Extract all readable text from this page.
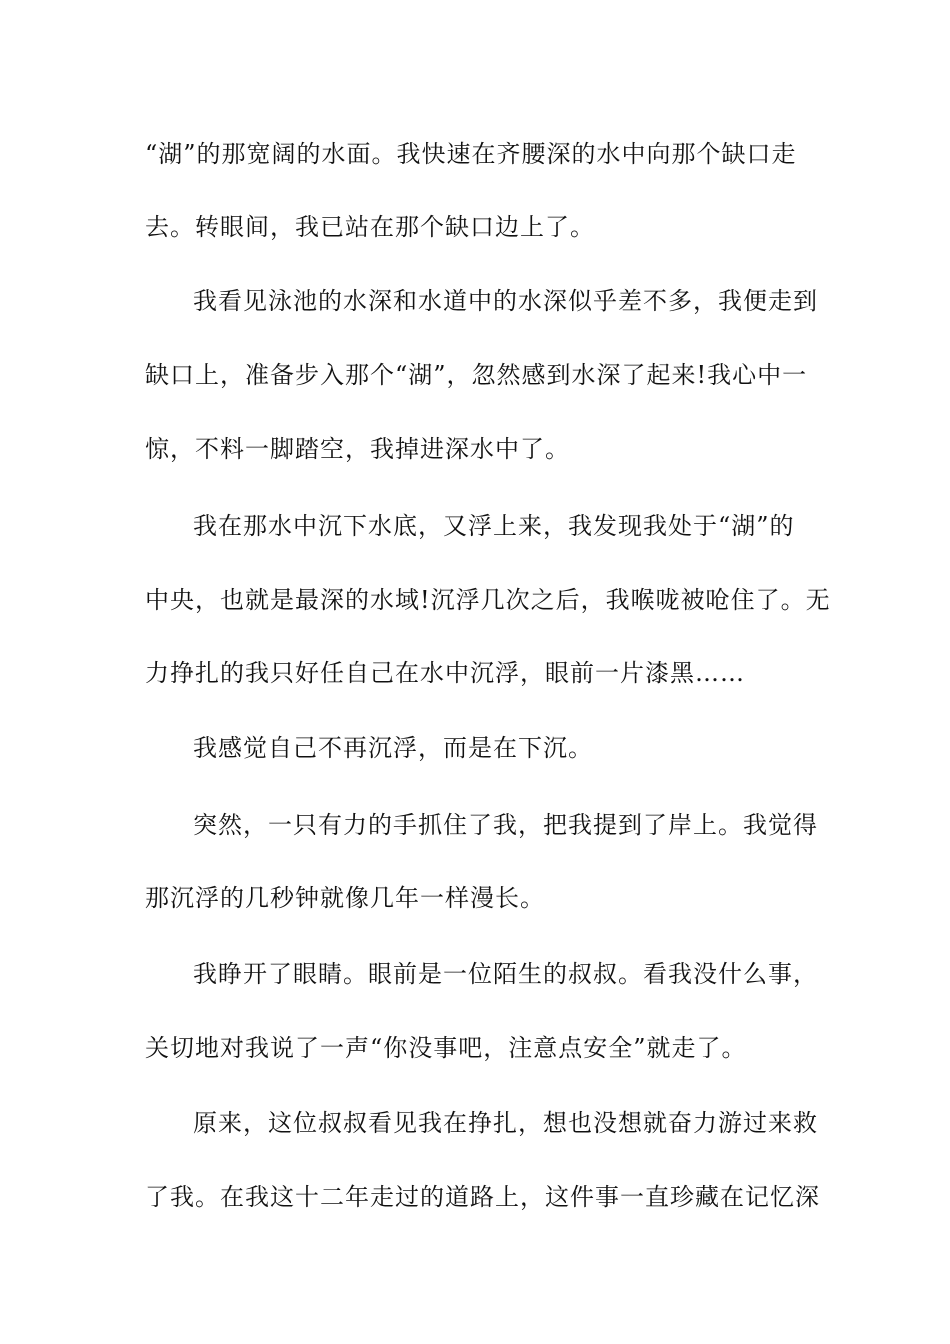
“湖”的那宽阔的水面。我快速在齐腰深的水中向那个缺口走
去。转眼间，我已站在那个缺口边上了。
我看见泳池的水深和水道中的水深似乎差不多，我便走到
缺口上，准备步入那个“湖”，忽然感到水深了起来!我心中一
惊，不料一脚踏空，我掉进深水中了。
我在那水中沉下水底，又浮上来，我发现我处于“湖”的
中央，也就是最深的水域!沉浮几次之后，我喉咙被呛住了。无
力挣扎的我只好任自己在水中沉浮，眼前一片漆黑……
我感觉自己不再沉浮，而是在下沉。
突然，一只有力的手抓住了我，把我提到了岸上。我觉得
那沉浮的几秒钟就像几年一样漫长。
我睁开了眼睛。眼前是一位陌生的叔叔。看我没什么事，
关切地对我说了一声“你没事吧，注意点安全”就走了。
原来，这位叔叔看见我在挣扎，想也没想就奋力游过来救
了我。在我这十二年走过的道路上，这件事一直珍藏在记忆深
